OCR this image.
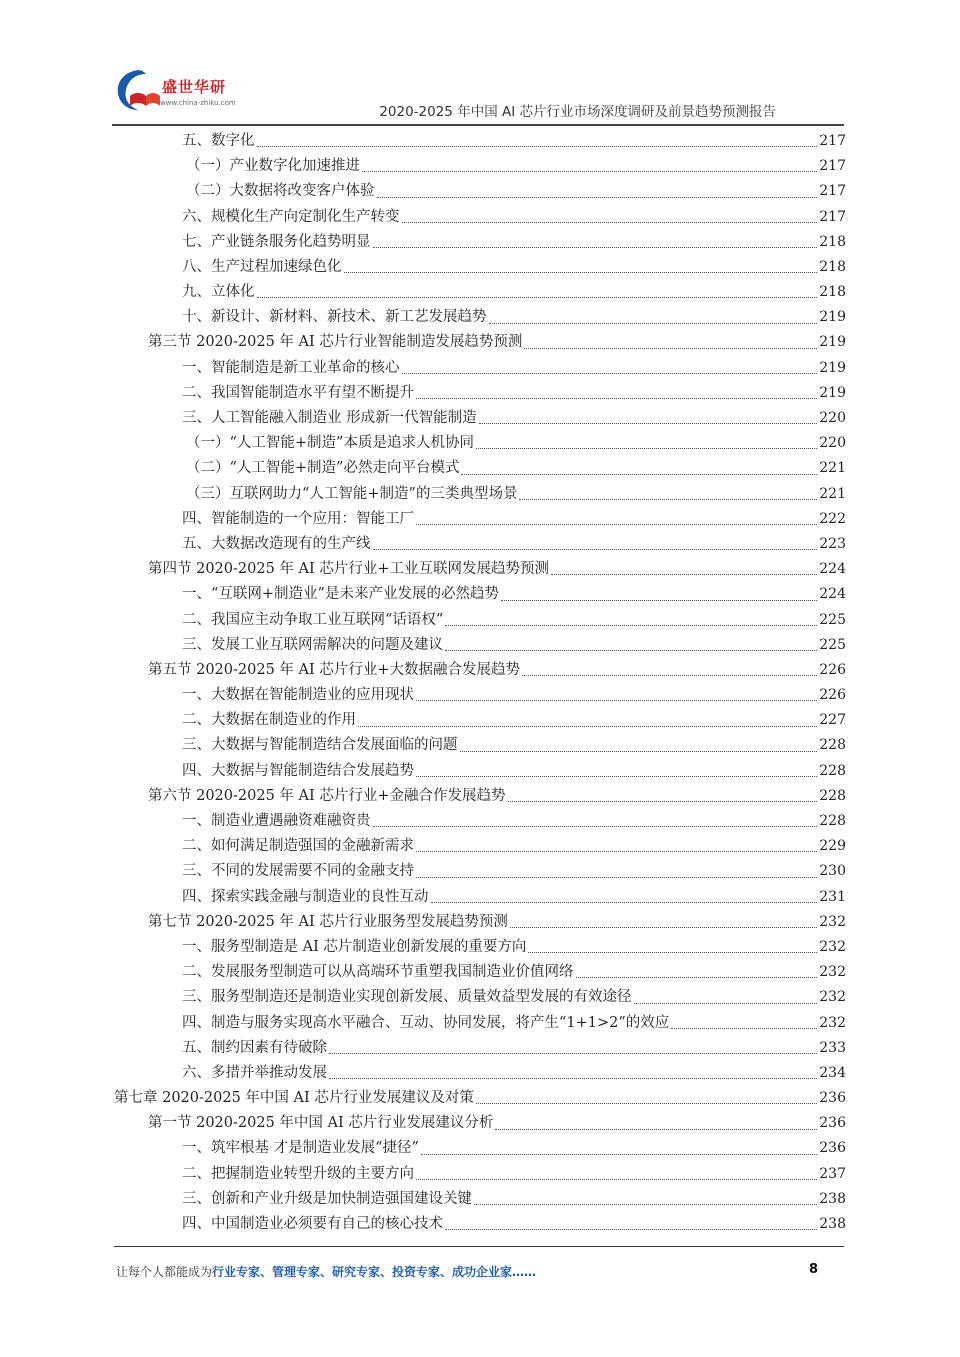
盛世华研
www.china-zhiku.com
2020-2025 年中国 AI 芯片行业市场深度调研及前景趋势预测报告
五、数字化	217
（一）产业数字化加速推进	217
（二）大数据将改变客户体验	217
六、规模化生产向定制化生产转变	217
七、产业链条服务化趋势明显	218
八、生产过程加速绿色化	218
九、立体化	218
十、新设计、新材料、新技术、新工艺发展趋势	219
第三节 2020-2025 年 AI 芯片行业智能制造发展趋势预测	219
一、智能制造是新工业革命的核心	219
二、我国智能制造水平有望不断提升	219
三、人工智能融入制造业 形成新一代智能制造	220
（一）“人工智能+制造”本质是追求人机协同	220
（二）“人工智能+制造”必然走向平台模式	221
（三）互联网助力“人工智能+制造”的三类典型场景	221
四、智能制造的一个应用：智能工厂	222
五、大数据改造现有的生产线	223
第四节 2020-2025 年 AI 芯片行业+工业互联网发展趋势预测	224
一、“互联网+制造业”是未来产业发展的必然趋势	224
二、我国应主动争取工业互联网“话语权”	225
三、发展工业互联网需解决的问题及建议	225
第五节 2020-2025 年 AI 芯片行业+大数据融合发展趋势	226
一、大数据在智能制造业的应用现状	226
二、大数据在制造业的作用	227
三、大数据与智能制造结合发展面临的问题	228
四、大数据与智能制造结合发展趋势	228
第六节 2020-2025 年 AI 芯片行业+金融合作发展趋势	228
一、制造业遭遇融资难融资贵	228
二、如何满足制造强国的金融新需求	229
三、不同的发展需要不同的金融支持	230
四、探索实践金融与制造业的良性互动	231
第七节 2020-2025 年 AI 芯片行业服务型发展趋势预测	232
一、服务型制造是 AI 芯片制造业创新发展的重要方向	232
二、发展服务型制造可以从高端环节重塑我国制造业价值网络	232
三、服务型制造还是制造业实现创新发展、质量效益型发展的有效途径	232
四、制造与服务实现高水平融合、互动、协同发展，将产生“1+1>2”的效应	232
五、制约因素有待破除	233
六、多措并举推动发展	234
第七章 2020-2025 年中国 AI 芯片行业发展建议及对策	236
第一节 2020-2025 年中国 AI 芯片行业发展建议分析	236
一、筑牢根基 才是制造业发展“捷径”	236
二、把握制造业转型升级的主要方向	237
三、创新和产业升级是加快制造强国建设关键	238
四、中国制造业必须要有自己的核心技术	238
让每个人都能成为行业专家、管理专家、研究专家、投资专家、成功企业家……	8
